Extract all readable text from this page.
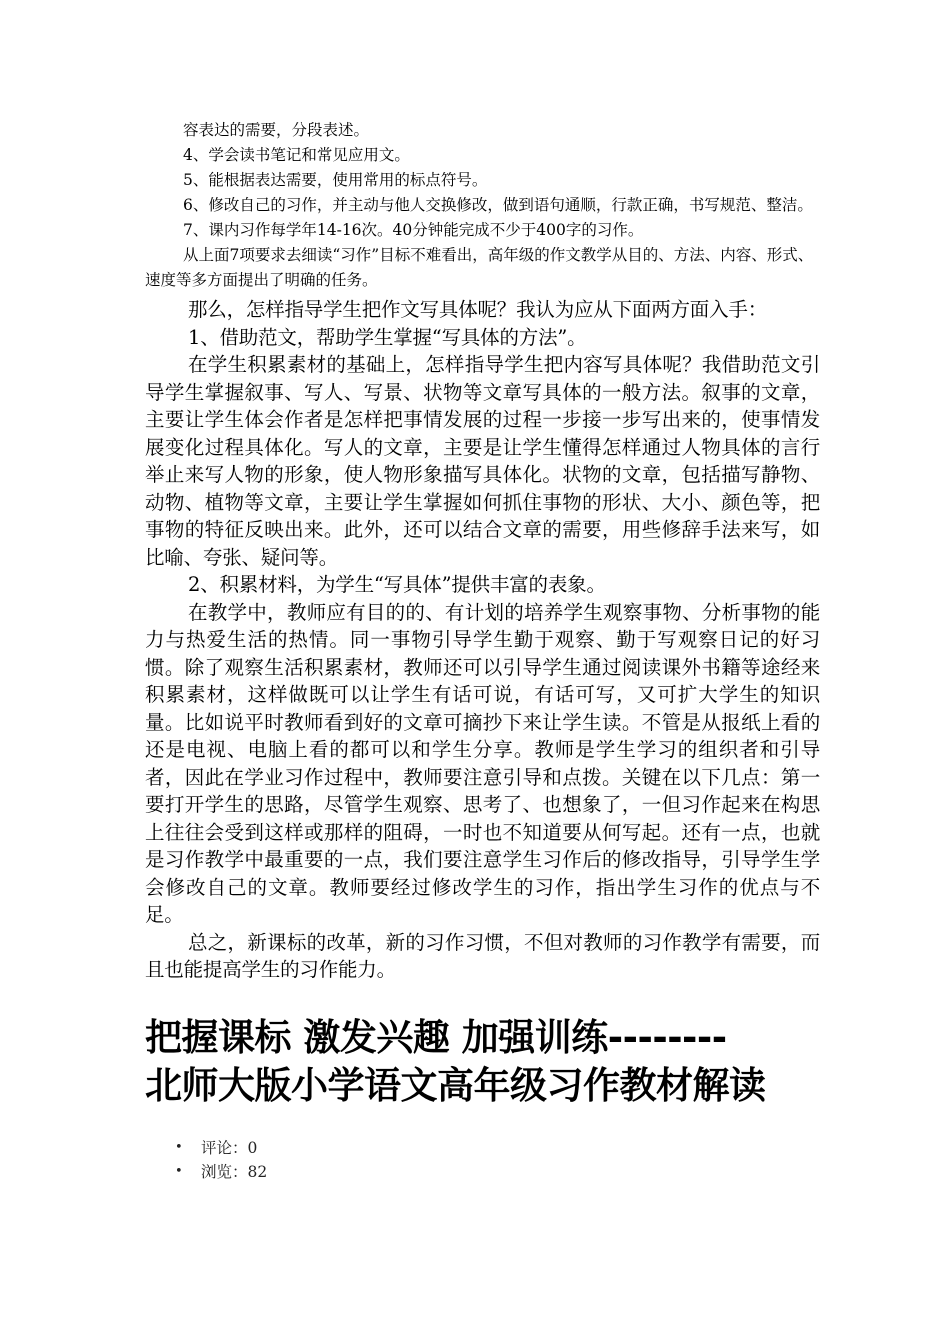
容表达的需要，分段表述。

4、学会读书笔记和常见应用文。

5、能根据表达需要，使用常用的标点符号。

6、修改自己的习作，并主动与他人交换修改，做到语句通顺，行款正确，书写规范、整洁。

7、课内习作每学年14-16次。40分钟能完成不少于400字的习作。

从上面7项要求去细读“习作”目标不难看出，高年级的作文教学从目的、方法、内容、形式、速度等多方面提出了明确的任务。

那么，怎样指导学生把作文写具体呢？我认为应从下面两方面入手：

1、借助范文，帮助学生掌握“写具体的方法”。

在学生积累素材的基础上，怎样指导学生把内容写具体呢？我借助范文引导学生掌握叙事、写人、写景、状物等文章写具体的一般方法。叙事的文章，主要让学生体会作者是怎样把事情发展的过程一步接一步写出来的，使事情发展变化过程具体化。写人的文章，主要是让学生懂得怎样通过人物具体的言行举止来写人物的形象，使人物形象描写具体化。状物的文章，包括描写静物、动物、植物等文章，主要让学生掌握如何抓住事物的形状、大小、颜色等，把事物的特征反映出来。此外，还可以结合文章的需要，用些修辞手法来写，如比喻、夸张、疑问等。

2、积累材料，为学生“写具体”提供丰富的表象。

在教学中，教师应有目的的、有计划的培养学生观察事物、分析事物的能力与热爱生活的热情。同一事物引导学生勤于观察、勤于写观察日记的好习惯。除了观察生活积累素材，教师还可以引导学生通过阅读课外书籍等途经来积累素材，这样做既可以让学生有话可说，有话可写，又可扩大学生的知识量。比如说平时教师看到好的文章可摘抄下来让学生读。不管是从报纸上看的还是电视、电脑上看的都可以和学生分享。教师是学生学习的组织者和引导者，因此在学业习作过程中，教师要注意引导和点拨。关键在以下几点：第一要打开学生的思路，尽管学生观察、思考了、也想象了，一但习作起来在构思上往往会受到这样或那样的阻碍，一时也不知道要从何写起。还有一点，也就是习作教学中最重要的一点，我们要注意学生习作后的修改指导，引导学生学会修改自己的文章。教师要经过修改学生的习作，指出学生习作的优点与不足。

总之，新课标的改革，新的习作习惯，不但对教师的习作教学有需要，而且也能提高学生的习作能力。

把握课标 激发兴趣 加强训练--------
北师大版小学语文高年级习作教材解读
• 评论：0
• 浏览：82
